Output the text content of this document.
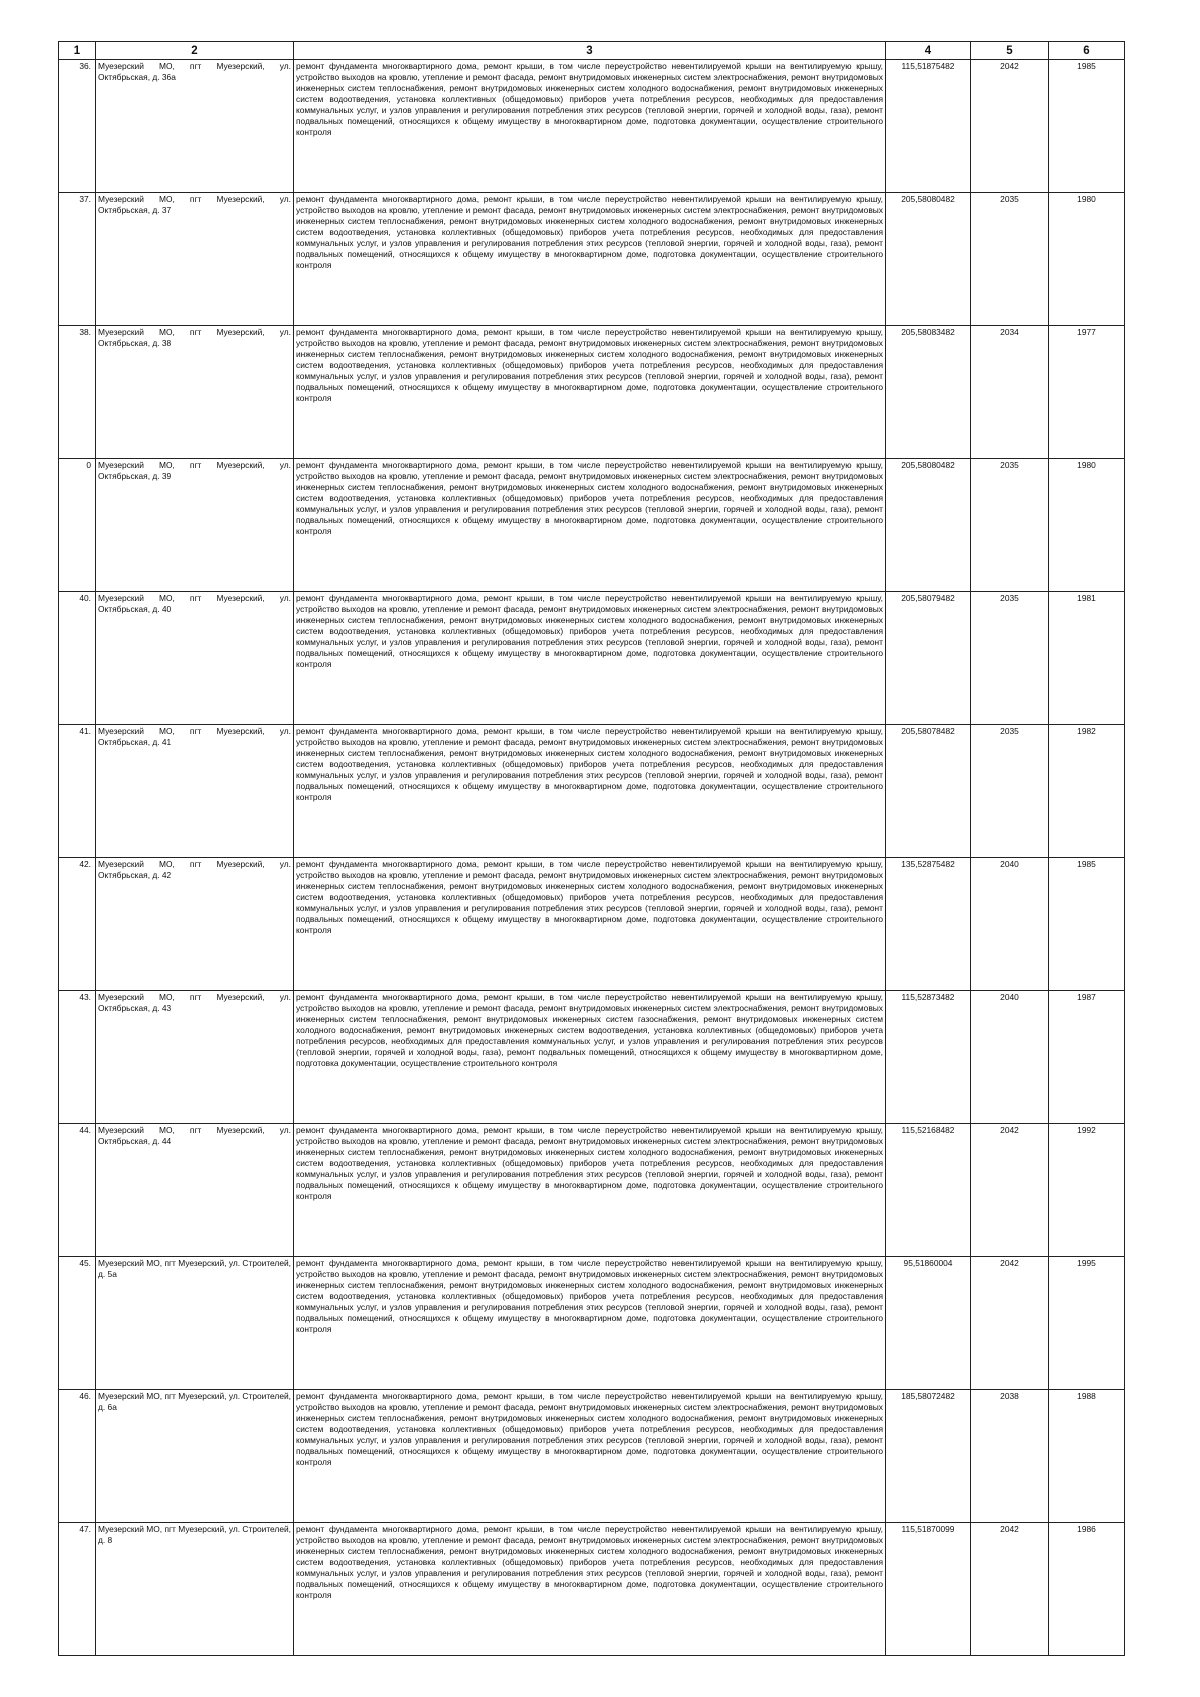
1	2	3	4	5	6
36.	Муезерский МО, пгт Муезерский, ул. Октябрьская, д. 36а	ремонт фундамента многоквартирного дома, ремонт крыши, в том числе переустройство невентилируемой крыши на вентилируемую крышу, устройство выходов на кровлю, утепление и ремонт фасада, ремонт внутридомовых инженерных систем электроснабжения, ремонт внутридомовых инженерных систем теплоснабжения, ремонт внутридомовых инженерных систем холодного водоснабжения, ремонт внутридомовых инженерных систем водоотведения, установка коллективных (общедомовых) приборов учета потребления ресурсов, необходимых для предоставления коммунальных услуг, и узлов управления и регулирования потребления этих ресурсов (тепловой энергии, горячей и холодной воды, газа), ремонт подвальных помещений, относящихся к общему имуществу в многоквартирном доме, подготовка документации, осуществление строительного контроля	115,51875482	2042	1985
37.	Муезерский МО, пгт Муезерский, ул. Октябрьская, д. 37	ремонт фундамента многоквартирного дома, ремонт крыши, в том числе переустройство невентилируемой крыши на вентилируемую крышу, устройство выходов на кровлю, утепление и ремонт фасада, ремонт внутридомовых инженерных систем электроснабжения, ремонт внутридомовых инженерных систем теплоснабжения, ремонт внутридомовых инженерных систем холодного водоснабжения, ремонт внутридомовых инженерных систем водоотведения, установка коллективных (общедомовых) приборов учета потребления ресурсов, необходимых для предоставления коммунальных услуг, и узлов управления и регулирования потребления этих ресурсов (тепловой энергии, горячей и холодной воды, газа), ремонт подвальных помещений, относящихся к общему имуществу в многоквартирном доме, подготовка документации, осуществление строительного контроля	205,58080482	2035	1980
38.	Муезерский МО, пгт Муезерский, ул. Октябрьская, д. 38	ремонт фундамента многоквартирного дома, ремонт крыши, в том числе переустройство невентилируемой крыши на вентилируемую крышу, устройство выходов на кровлю, утепление и ремонт фасада, ремонт внутридомовых инженерных систем электроснабжения, ремонт внутридомовых инженерных систем теплоснабжения, ремонт внутридомовых инженерных систем холодного водоснабжения, ремонт внутридомовых инженерных систем водоотведения, установка коллективных (общедомовых) приборов учета потребления ресурсов, необходимых для предоставления коммунальных услуг, и узлов управления и регулирования потребления этих ресурсов (тепловой энергии, горячей и холодной воды, газа), ремонт подвальных помещений, относящихся к общему имуществу в многоквартирном доме, подготовка документации, осуществление строительного контроля	205,58083482	2034	1977
0	Муезерский МО, пгт Муезерский, ул. Октябрьская, д. 39	ремонт фундамента многоквартирного дома, ремонт крыши, в том числе переустройство невентилируемой крыши на вентилируемую крышу, устройство выходов на кровлю, утепление и ремонт фасада, ремонт внутридомовых инженерных систем электроснабжения, ремонт внутридомовых инженерных систем теплоснабжения, ремонт внутридомовых инженерных систем холодного водоснабжения, ремонт внутридомовых инженерных систем водоотведения, установка коллективных (общедомовых) приборов учета потребления ресурсов, необходимых для предоставления коммунальных услуг, и узлов управления и регулирования потребления этих ресурсов (тепловой энергии, горячей и холодной воды, газа), ремонт подвальных помещений, относящихся к общему имуществу в многоквартирном доме, подготовка документации, осуществление строительного контроля	205,58080482	2035	1980
40.	Муезерский МО, пгт Муезерский, ул. Октябрьская, д. 40	ремонт фундамента многоквартирного дома, ремонт крыши, в том числе переустройство невентилируемой крыши на вентилируемую крышу, устройство выходов на кровлю, утепление и ремонт фасада, ремонт внутридомовых инженерных систем электроснабжения, ремонт внутридомовых инженерных систем теплоснабжения, ремонт внутридомовых инженерных систем холодного водоснабжения, ремонт внутридомовых инженерных систем водоотведения, установка коллективных (общедомовых) приборов учета потребления ресурсов, необходимых для предоставления коммунальных услуг, и узлов управления и регулирования потребления этих ресурсов (тепловой энергии, горячей и холодной воды, газа), ремонт подвальных помещений, относящихся к общему имуществу в многоквартирном доме, подготовка документации, осуществление строительного контроля	205,58079482	2035	1981
41.	Муезерский МО, пгт Муезерский, ул. Октябрьская, д. 41	ремонт фундамента многоквартирного дома, ремонт крыши, в том числе переустройство невентилируемой крыши на вентилируемую крышу, устройство выходов на кровлю, утепление и ремонт фасада, ремонт внутридомовых инженерных систем электроснабжения, ремонт внутридомовых инженерных систем теплоснабжения, ремонт внутридомовых инженерных систем холодного водоснабжения, ремонт внутридомовых инженерных систем водоотведения, установка коллективных (общедомовых) приборов учета потребления ресурсов, необходимых для предоставления коммунальных услуг, и узлов управления и регулирования потребления этих ресурсов (тепловой энергии, горячей и холодной воды, газа), ремонт подвальных помещений, относящихся к общему имуществу в многоквартирном доме, подготовка документации, осуществление строительного контроля	205,58078482	2035	1982
42.	Муезерский МО, пгт Муезерский, ул. Октябрьская, д. 42	ремонт фундамента многоквартирного дома, ремонт крыши, в том числе переустройство невентилируемой крыши на вентилируемую крышу, устройство выходов на кровлю, утепление и ремонт фасада, ремонт внутридомовых инженерных систем электроснабжения, ремонт внутридомовых инженерных систем теплоснабжения, ремонт внутридомовых инженерных систем холодного водоснабжения, ремонт внутридомовых инженерных систем водоотведения, установка коллективных (общедомовых) приборов учета потребления ресурсов, необходимых для предоставления коммунальных услуг, и узлов управления и регулирования потребления этих ресурсов (тепловой энергии, горячей и холодной воды, газа), ремонт подвальных помещений, относящихся к общему имуществу в многоквартирном доме, подготовка документации, осуществление строительного контроля	135,52875482	2040	1985
43.	Муезерский МО, пгт Муезерский, ул. Октябрьская, д. 43	ремонт фундамента многоквартирного дома, ремонт крыши, в том числе переустройство невентилируемой крыши на вентилируемую крышу, устройство выходов на кровлю, утепление и ремонт фасада, ремонт внутридомовых инженерных систем электроснабжения, ремонт внутридомовых инженерных систем теплоснабжения, ремонт внутридомовых инженерных систем газоснабжения, ремонт внутридомовых инженерных систем холодного водоснабжения, ремонт внутридомовых инженерных систем водоотведения, установка коллективных (общедомовых) приборов учета потребления ресурсов, необходимых для предоставления коммунальных услуг, и узлов управления и регулирования потребления этих ресурсов (тепловой энергии, горячей и холодной воды, газа), ремонт подвальных помещений, относящихся к общему имуществу в многоквартирном доме, подготовка документации, осуществление строительного контроля	115,52873482	2040	1987
44.	Муезерский МО, пгт Муезерский, ул. Октябрьская, д. 44	ремонт фундамента многоквартирного дома, ремонт крыши, в том числе переустройство невентилируемой крыши на вентилируемую крышу, устройство выходов на кровлю, утепление и ремонт фасада, ремонт внутридомовых инженерных систем электроснабжения, ремонт внутридомовых инженерных систем теплоснабжения, ремонт внутридомовых инженерных систем холодного водоснабжения, ремонт внутридомовых инженерных систем водоотведения, установка коллективных (общедомовых) приборов учета потребления ресурсов, необходимых для предоставления коммунальных услуг, и узлов управления и регулирования потребления этих ресурсов (тепловой энергии, горячей и холодной воды, газа), ремонт подвальных помещений, относящихся к общему имуществу в многоквартирном доме, подготовка документации, осуществление строительного контроля	115,52168482	2042	1992
45.	Муезерский МО, пгт Муезерский, ул. Строителей, д. 5а	ремонт фундамента многоквартирного дома, ремонт крыши, в том числе переустройство невентилируемой крыши на вентилируемую крышу, устройство выходов на кровлю, утепление и ремонт фасада, ремонт внутридомовых инженерных систем электроснабжения, ремонт внутридомовых инженерных систем теплоснабжения, ремонт внутридомовых инженерных систем холодного водоснабжения, ремонт внутридомовых инженерных систем водоотведения, установка коллективных (общедомовых) приборов учета потребления ресурсов, необходимых для предоставления коммунальных услуг, и узлов управления и регулирования потребления этих ресурсов (тепловой энергии, горячей и холодной воды, газа), ремонт подвальных помещений, относящихся к общему имуществу в многоквартирном доме, подготовка документации, осуществление строительного контроля	95,51860004	2042	1995
46.	Муезерский МО, пгт Муезерский, ул. Строителей, д. 6а	ремонт фундамента многоквартирного дома, ремонт крыши, в том числе переустройство невентилируемой крыши на вентилируемую крышу, устройство выходов на кровлю, утепление и ремонт фасада, ремонт внутридомовых инженерных систем электроснабжения, ремонт внутридомовых инженерных систем теплоснабжения, ремонт внутридомовых инженерных систем холодного водоснабжения, ремонт внутридомовых инженерных систем водоотведения, установка коллективных (общедомовых) приборов учета потребления ресурсов, необходимых для предоставления коммунальных услуг, и узлов управления и регулирования потребления этих ресурсов (тепловой энергии, горячей и холодной воды, газа), ремонт подвальных помещений, относящихся к общему имуществу в многоквартирном доме, подготовка документации, осуществление строительного контроля	185,58072482	2038	1988
47.	Муезерский МО, пгт Муезерский, ул. Строителей, д. 8	ремонт фундамента многоквартирного дома, ремонт крыши, в том числе переустройство невентилируемой крыши на вентилируемую крышу, устройство выходов на кровлю, утепление и ремонт фасада, ремонт внутридомовых инженерных систем электроснабжения, ремонт внутридомовых инженерных систем теплоснабжения, ремонт внутридомовых инженерных систем холодного водоснабжения, ремонт внутридомовых инженерных систем водоотведения, установка коллективных (общедомовых) приборов учета потребления ресурсов, необходимых для предоставления коммунальных услуг, и узлов управления и регулирования потребления этих ресурсов (тепловой энергии, горячей и холодной воды, газа), ремонт подвальных помещений, относящихся к общему имуществу в многоквартирном доме, подготовка документации, осуществление строительного контроля	115,51870099	2042	1986
